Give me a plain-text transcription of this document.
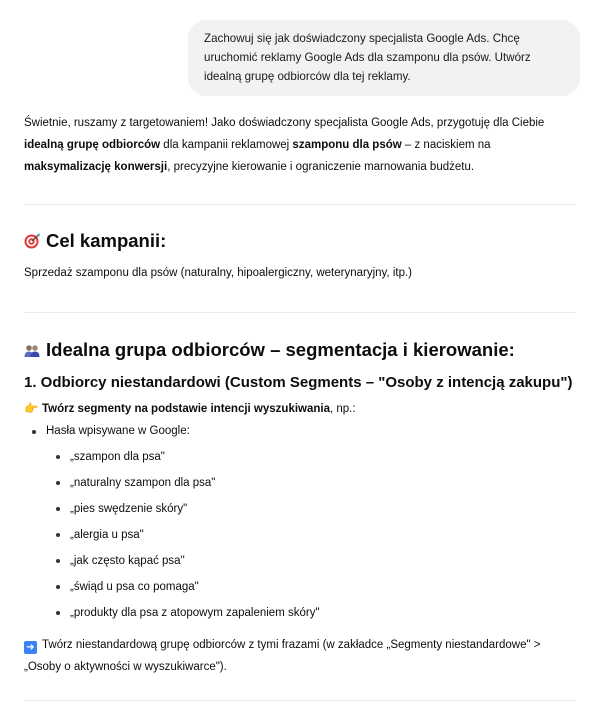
Zachowuj się jak doświadczony specjalista Google Ads. Chcę uruchomić reklamy Google Ads dla szamponu dla psów. Utwórz idealną grupę odbiorców dla tej reklamy.

Świetnie, ruszamy z targetowaniem! Jako doświadczony specjalista Google Ads, przygotuję dla Ciebie idealną grupę odbiorców dla kampanii reklamowej szamponu dla psów – z naciskiem na maksymalizację konwersji, precyzyjne kierowanie i ograniczenie marnowania budżetu.

Cel kampanii:

Sprzedaż szamponu dla psów (naturalny, hipoalergiczny, weterynaryjny, itp.)

Idealna grupa odbiorców – segmentacja i kierowanie:
1. Odbiorcy niestandardowi (Custom Segments – "Osoby z intencją zakupu")

👉 Twórz segmenty na podstawie intencji wyszukiwania, np.:

Hasła wpisywane w Google:
„szampon dla psa"
„naturalny szampon dla psa"
„pies swędzenie skóry"
„alergia u psa"
„jak często kąpać psa"
„świąd u psa co pomaga"
„produkty dla psa z atopowym zapaleniem skóry"

➜ Twórz niestandardową grupę odbiorców z tymi frazami (w zakładce „Segmenty niestandardowe" > „Osoby o aktywności w wyszukiwarce").
